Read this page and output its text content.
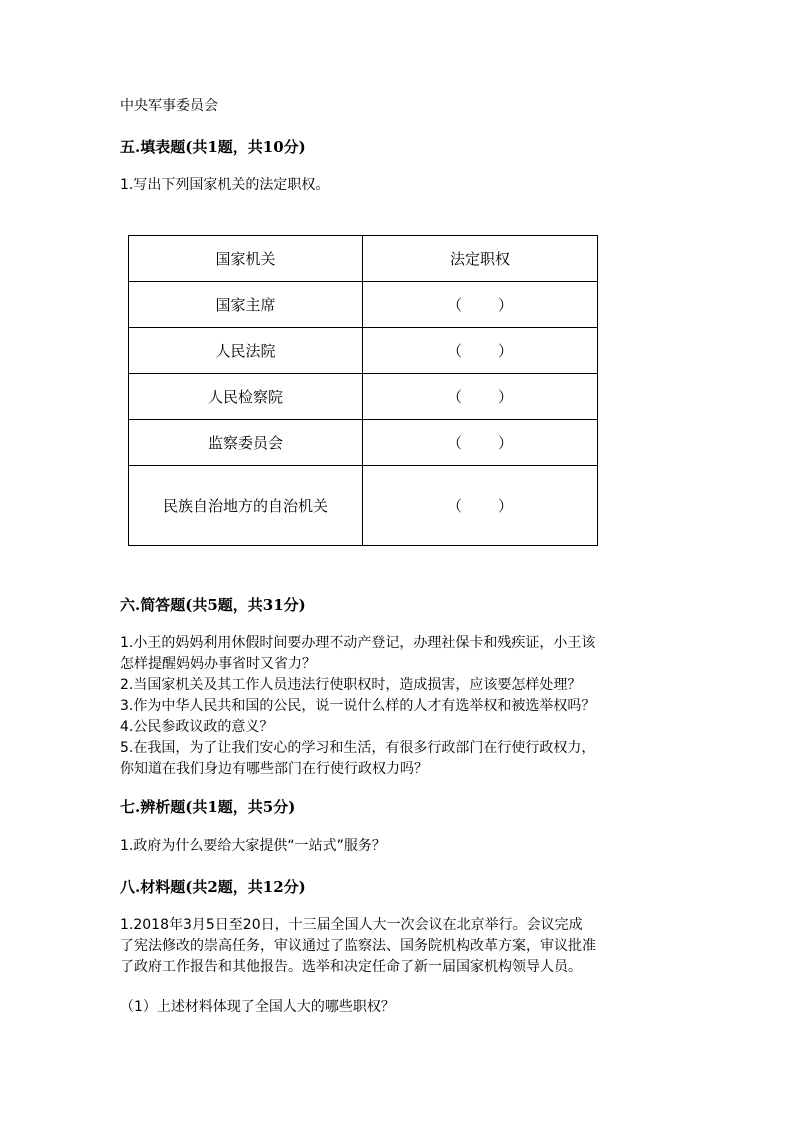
中央军事委员会
五.填表题(共1题，共10分)
1.写出下列国家机关的法定职权。
国家机关	法定职权
国家主席	（ ）

人民法院	（ ）

人民检察院	（ ）

监察委员会	（ ）

民族自治地方的自治机关	（ ）
六.简答题(共5题，共31分)
1.小王的妈妈利用休假时间要办理不动产登记，办理社保卡和残疾证，小王该
怎样提醒妈妈办事省时又省力？
2.当国家机关及其工作人员违法行使职权时，造成损害，应该要怎样处理？
3.作为中华人民共和国的公民，说一说什么样的人才有选举权和被选举权吗？
4.公民参政议政的意义？
5.在我国，为了让我们安心的学习和生活，有很多行政部门在行使行政权力，
你知道在我们身边有哪些部门在行使行政权力吗？
七.辨析题(共1题，共5分)
1.政府为什么要给大家提供“一站式”服务？
八.材料题(共2题，共12分)
1.2018年3月5日至20日，十三届全国人大一次会议在北京举行。会议完成
了宪法修改的崇高任务，审议通过了监察法、国务院机构改革方案，审议批准
了政府工作报告和其他报告。选举和决定任命了新一届国家机构领导人员。
（1）上述材料体现了全国人大的哪些职权？
